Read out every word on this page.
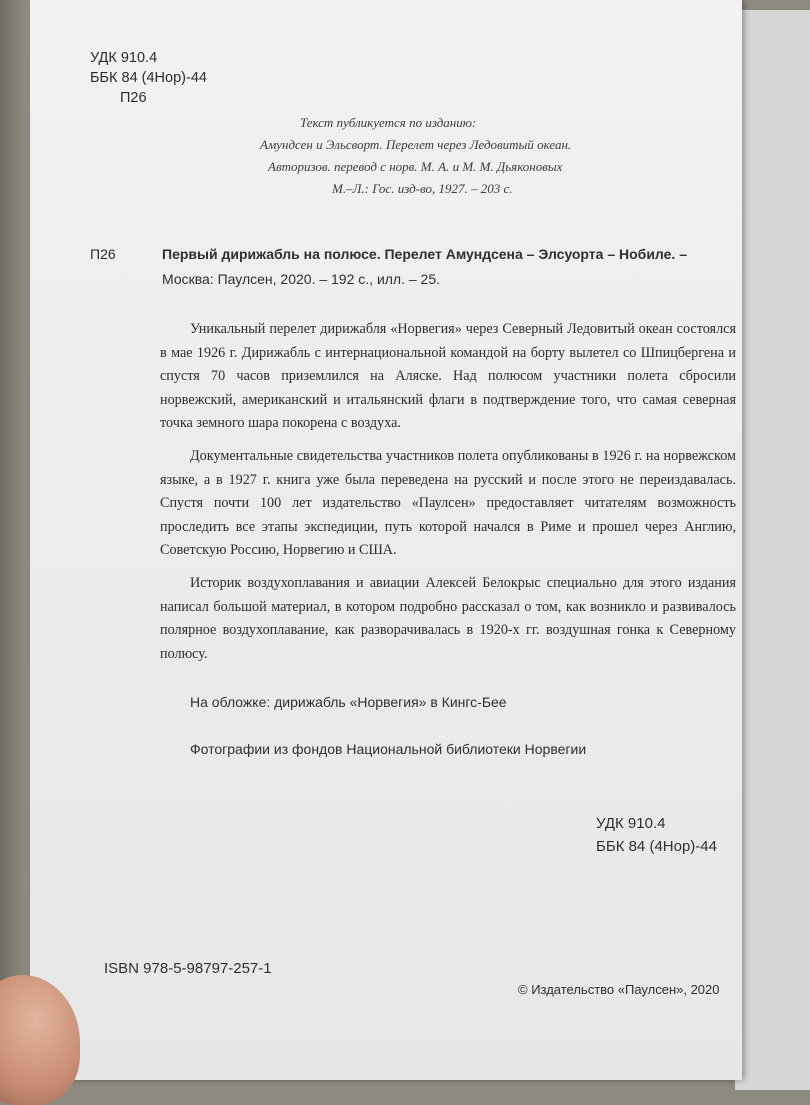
УДК 910.4
ББК 84 (4Нор)-44
П26
Текст публикуется по изданию:
Амундсен и Эльсворт. Перелет через Ледовитый океан.
Авторизов. перевод с норв. М. А. и М. М. Дьяконовых
М.–Л.: Гос. изд-во, 1927. – 203 с.
П26	Первый дирижабль на полюсе. Перелет Амундсена – Элсуорта – Нобиле. –
Москва: Паулсен, 2020. – 192 с., илл. – 25.

Уникальный перелет дирижабля «Норвегия» через Северный Ледовитый океан состоялся в мае 1926 г. Дирижабль с интернациональной командой на борту вылетел со Шпицбергена и спустя 70 часов приземлился на Аляске. Над полюсом участники полета сбросили норвежский, американский и итальянский флаги в подтверждение того, что самая северная точка земного шара покорена с воздуха.

Документальные свидетельства участников полета опубликованы в 1926 г. на норвежском языке, а в 1927 г. книга уже была переведена на русский и после этого не переиздавалась. Спустя почти 100 лет издательство «Паулсен» предоставляет читателям возможность проследить все этапы экспедиции, путь которой начался в Риме и прошел через Англию, Советскую Россию, Норвегию и США.

Историк воздухоплавания и авиации Алексей Белокрыс специально для этого издания написал большой материал, в котором подробно рассказал о том, как возникло и развивалось полярное воздухоплавание, как разворачивалась в 1920-х гг. воздушная гонка к Северному полюсу.

На обложке: дирижабль «Норвегия» в Кингс-Бее
Фотографии из фондов Национальной библиотеки Норвегии
УДК 910.4
ББК 84 (4Нор)-44
ISBN 978-5-98797-257-1
© Издательство «Паулсен», 2020
